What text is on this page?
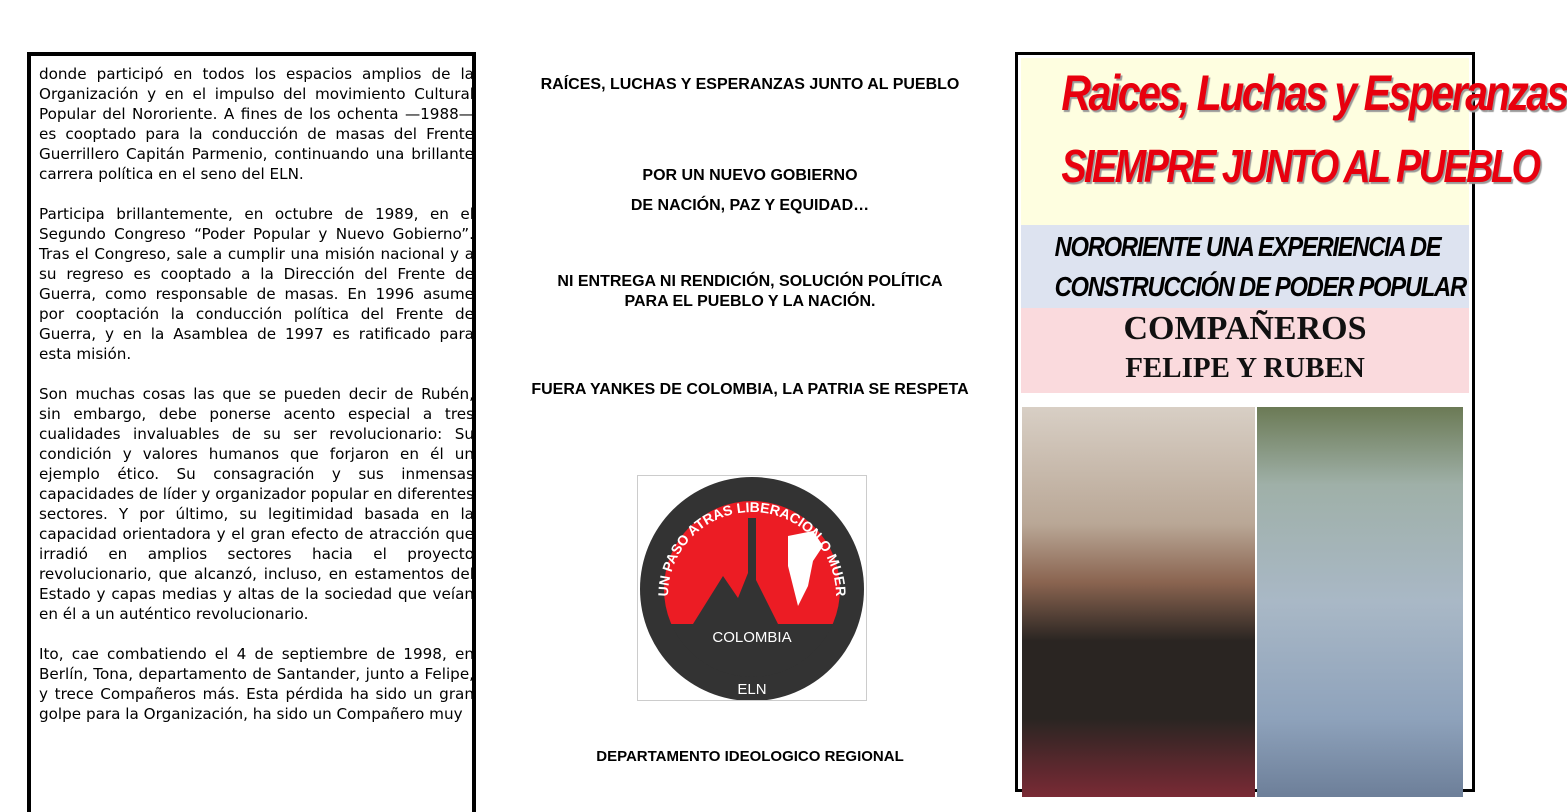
donde participó en todos los espacios amplios de la Organización y en el impulso del movimiento Cultural Popular del Nororiente. A fines de los ochenta —1988— es cooptado para la conducción de masas del Frente Guerrillero Capitán Parmenio, continuando una brillante carrera política en el seno del ELN.

Participa brillantemente, en octubre de 1989, en el Segundo Congreso “Poder Popular y Nuevo Gobierno”. Tras el Congreso, sale a cumplir una misión nacional y a su regreso es cooptado a la Dirección del Frente de Guerra, como responsable de masas. En 1996 asume por cooptación la conducción política del Frente de Guerra, y en la Asamblea de 1997 es ratificado para esta misión.

Son muchas cosas las que se pueden decir de Rubén, sin embargo, debe ponerse acento especial a tres cualidades invaluables de su ser revolucionario: Su condición y valores humanos que forjaron en él un ejemplo ético. Su consagración y sus inmensas capacidades de líder y organizador popular en diferentes sectores. Y por último, su legitimidad basada en la capacidad orientadora y el gran efecto de atracción que irradió en amplios sectores hacia el proyecto revolucionario, que alcanzó, incluso, en estamentos del Estado y capas medias y altas de la sociedad que veían en él a un auténtico revolucionario.

Ito, cae combatiendo el 4 de septiembre de 1998, en Berlín, Tona, departamento de Santander, junto a Felipe, y trece Compañeros más. Esta pérdida ha sido un gran golpe para la Organización, ha sido un Compañero muy

RAÍCES, LUCHAS Y ESPERANZAS JUNTO AL PUEBLO
POR UN NUEVO GOBIERNO
DE NACIÓN, PAZ Y EQUIDAD…
NI ENTREGA NI RENDICIÓN, SOLUCIÓN POLÍTICA
PARA EL PUEBLO Y LA NACIÓN.
FUERA YANKES DE COLOMBIA, LA PATRIA SE RESPETA
UN PASO ATRAS LIBERACION O MUER
COLOMBIA
ELN
DEPARTAMENTO IDEOLOGICO REGIONAL
Raices, Luchas y Esperanzas
SIEMPRE JUNTO AL PUEBLO
NORORIENTE UNA EXPERIENCIA DE
CONSTRUCCIÓN DE PODER POPULAR
COMPAÑEROS
FELIPE Y RUBEN
